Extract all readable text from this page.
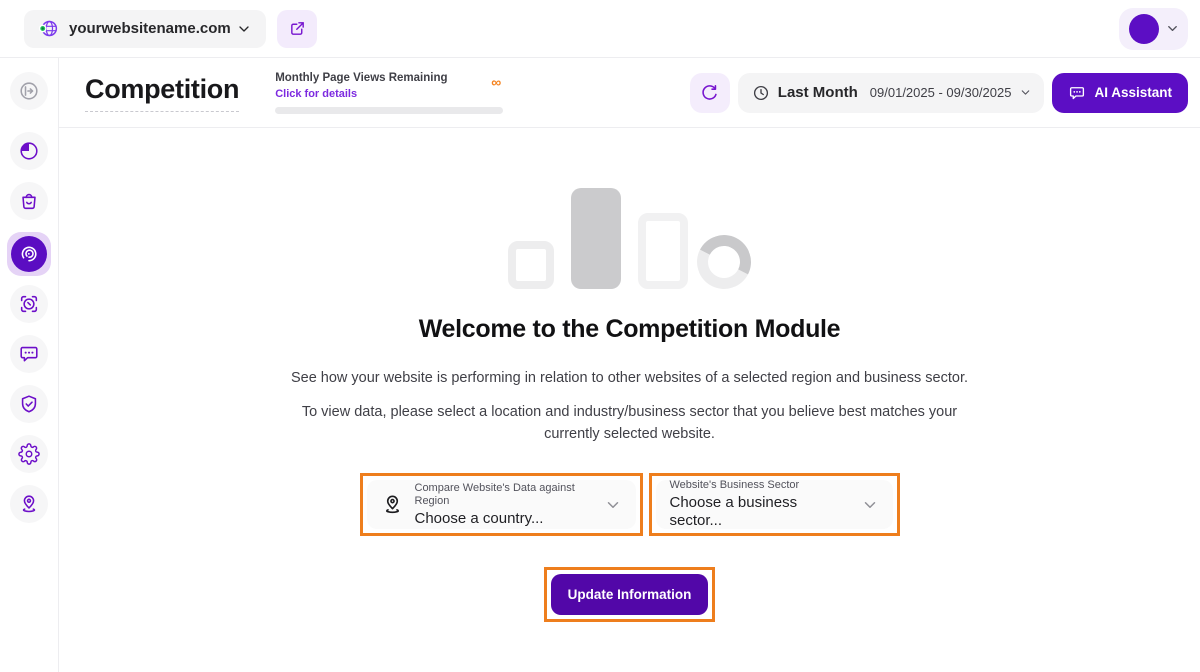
yourwebsitename.com
Competition	Monthly Page Views Remaining
Click for details
∞
Last Month 09/01/2025 - 09/30/2025	AI Assistant
Welcome to the Competition Module

See how your website is performing in relation to other websites of a selected region and business sector.

To view data, please select a location and industry/business sector that you believe best matches your currently selected website.

Compare Website's Data against Region
Choose a country...
Website's Business Sector
Choose a business sector...
Update Information
